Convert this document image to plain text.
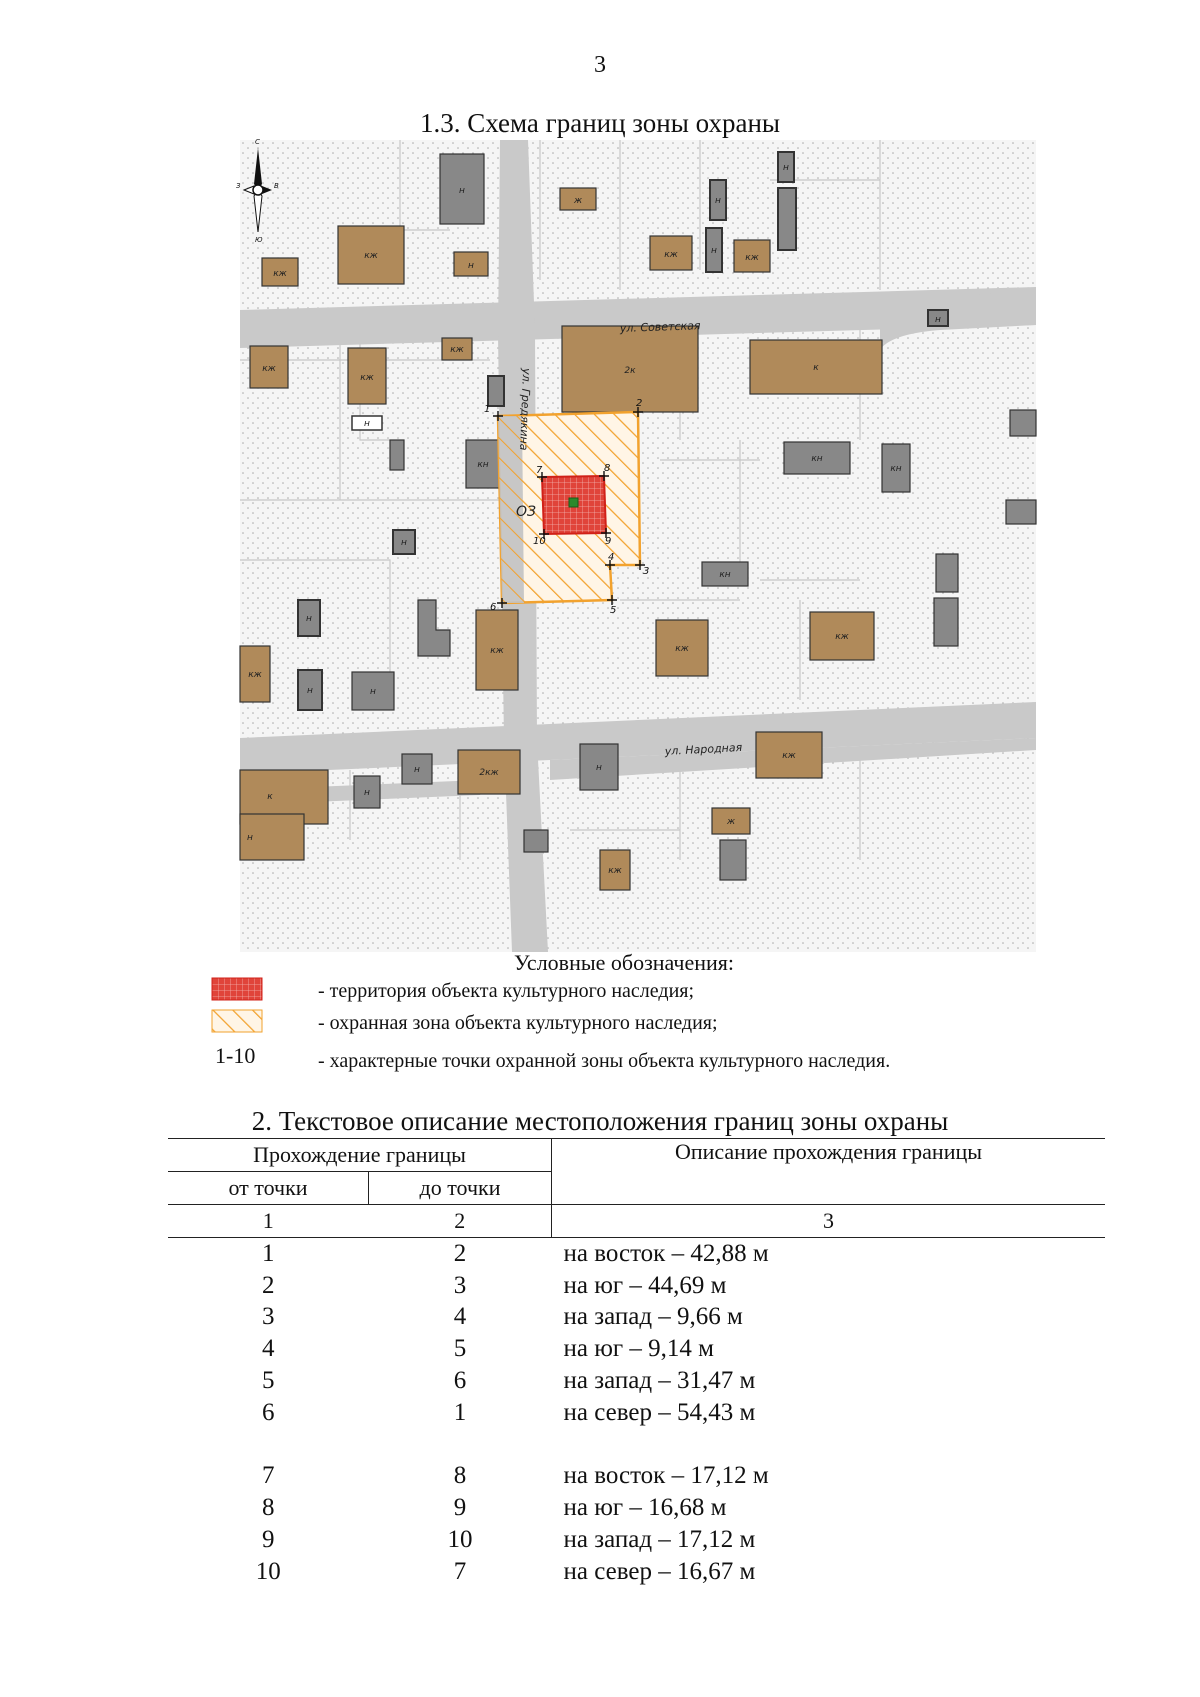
3
1.3. Схема границ зоны охраны
н
кж
кж
н
ж
кж
н
н
кж
н
кж
кж
кж
н
кн
2к	к
кн
кн
н
н
н
кж
кн
кж
кж
кж
н	н
к
н
н
н	2кж	н
кж
ж
кж
1
2
3
4
5
6
7	8
9
10
ОЗ
ул. Советская
ул. Народная
ул. Гредякина
С
В
Ю
З
Условные обозначения:
- территория объекта культурного наследия;
- охранная зона объекта культурного наследия;
1-10	- характерные точки охранной зоны объекта культурного наследия.
2. Текстовое описание местоположения границ зоны охраны
Прохождение границы		Описание прохождения границы
от точки	до точки	
1	2	3
1	2	на восток – 42,88 м
2	3	на юг – 44,69 м
3	4	на запад – 9,66 м
4	5	на юг – 9,14 м
5	6	на запад – 31,47 м
6	1	на север – 54,43 м

7	8	на восток – 17,12 м
8	9	на юг – 16,68 м
9	10	на запад – 17,12 м
10	7	на север – 16,67 м
